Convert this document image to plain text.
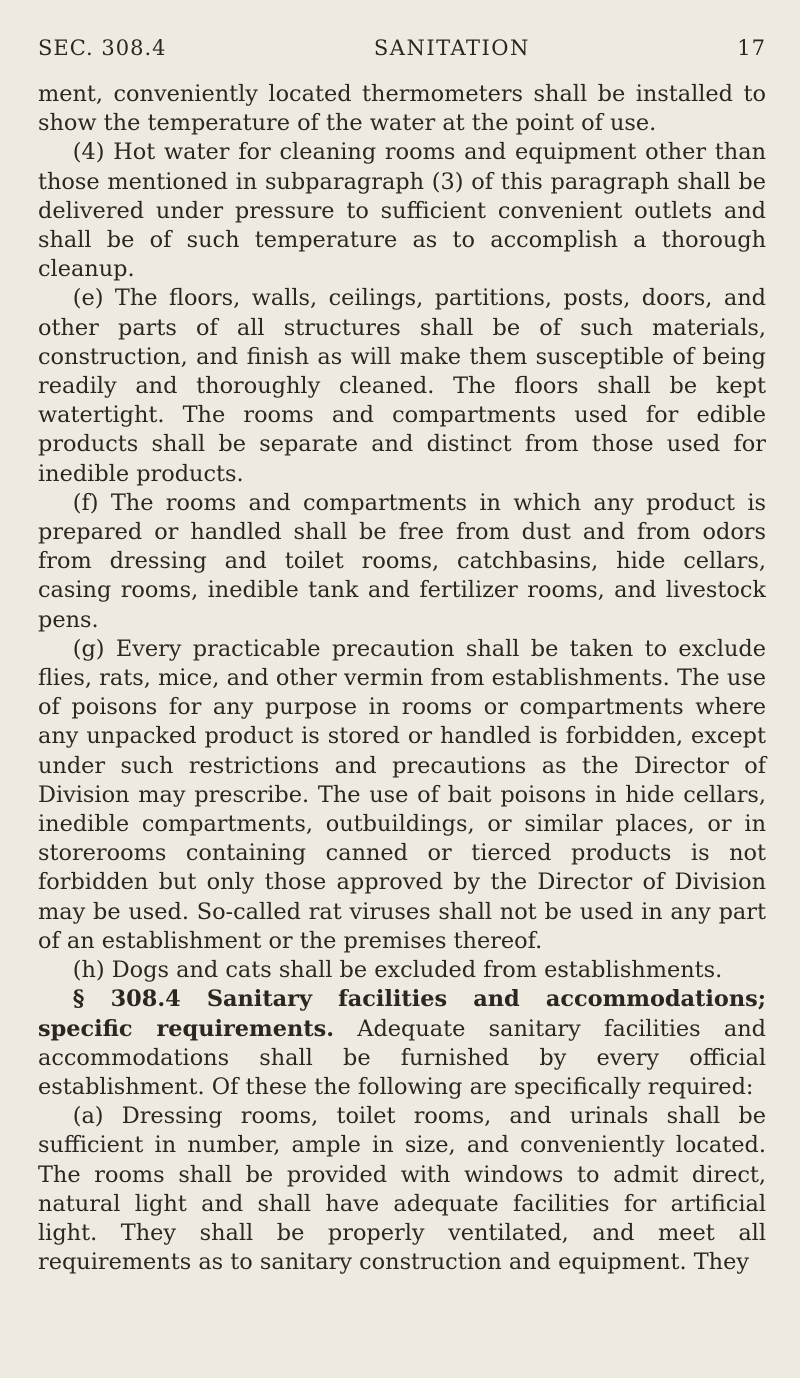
SEC. 308.4	SANITATION	17

ment, conveniently located thermometers shall be installed to show the temperature of the water at the point of use.

(4) Hot water for cleaning rooms and equipment other than those mentioned in subparagraph (3) of this paragraph shall be delivered under pressure to sufficient convenient outlets and shall be of such temperature as to accomplish a thorough cleanup.

(e) The floors, walls, ceilings, partitions, posts, doors, and other parts of all structures shall be of such materials, construction, and finish as will make them susceptible of being readily and thoroughly cleaned. The floors shall be kept watertight. The rooms and compartments used for edible products shall be separate and distinct from those used for inedible products.

(f) The rooms and compartments in which any product is prepared or handled shall be free from dust and from odors from dressing and toilet rooms, catchbasins, hide cellars, casing rooms, inedible tank and fertilizer rooms, and livestock pens.

(g) Every practicable precaution shall be taken to exclude flies, rats, mice, and other vermin from establishments. The use of poisons for any purpose in rooms or compartments where any unpacked product is stored or handled is forbidden, except under such restrictions and precautions as the Director of Division may prescribe. The use of bait poisons in hide cellars, inedible compartments, outbuildings, or similar places, or in storerooms containing canned or tierced products is not forbidden but only those approved by the Director of Division may be used. So-called rat viruses shall not be used in any part of an establishment or the premises thereof.

(h) Dogs and cats shall be excluded from establishments.

§ 308.4 Sanitary facilities and accommodations; specific requirements. Adequate sanitary facilities and accommodations shall be furnished by every official establishment. Of these the following are specifically required:

(a) Dressing rooms, toilet rooms, and urinals shall be sufficient in number, ample in size, and conveniently located. The rooms shall be provided with windows to admit direct, natural light and shall have adequate facilities for artificial light. They shall be properly ventilated, and meet all requirements as to sanitary construction and equipment. They
